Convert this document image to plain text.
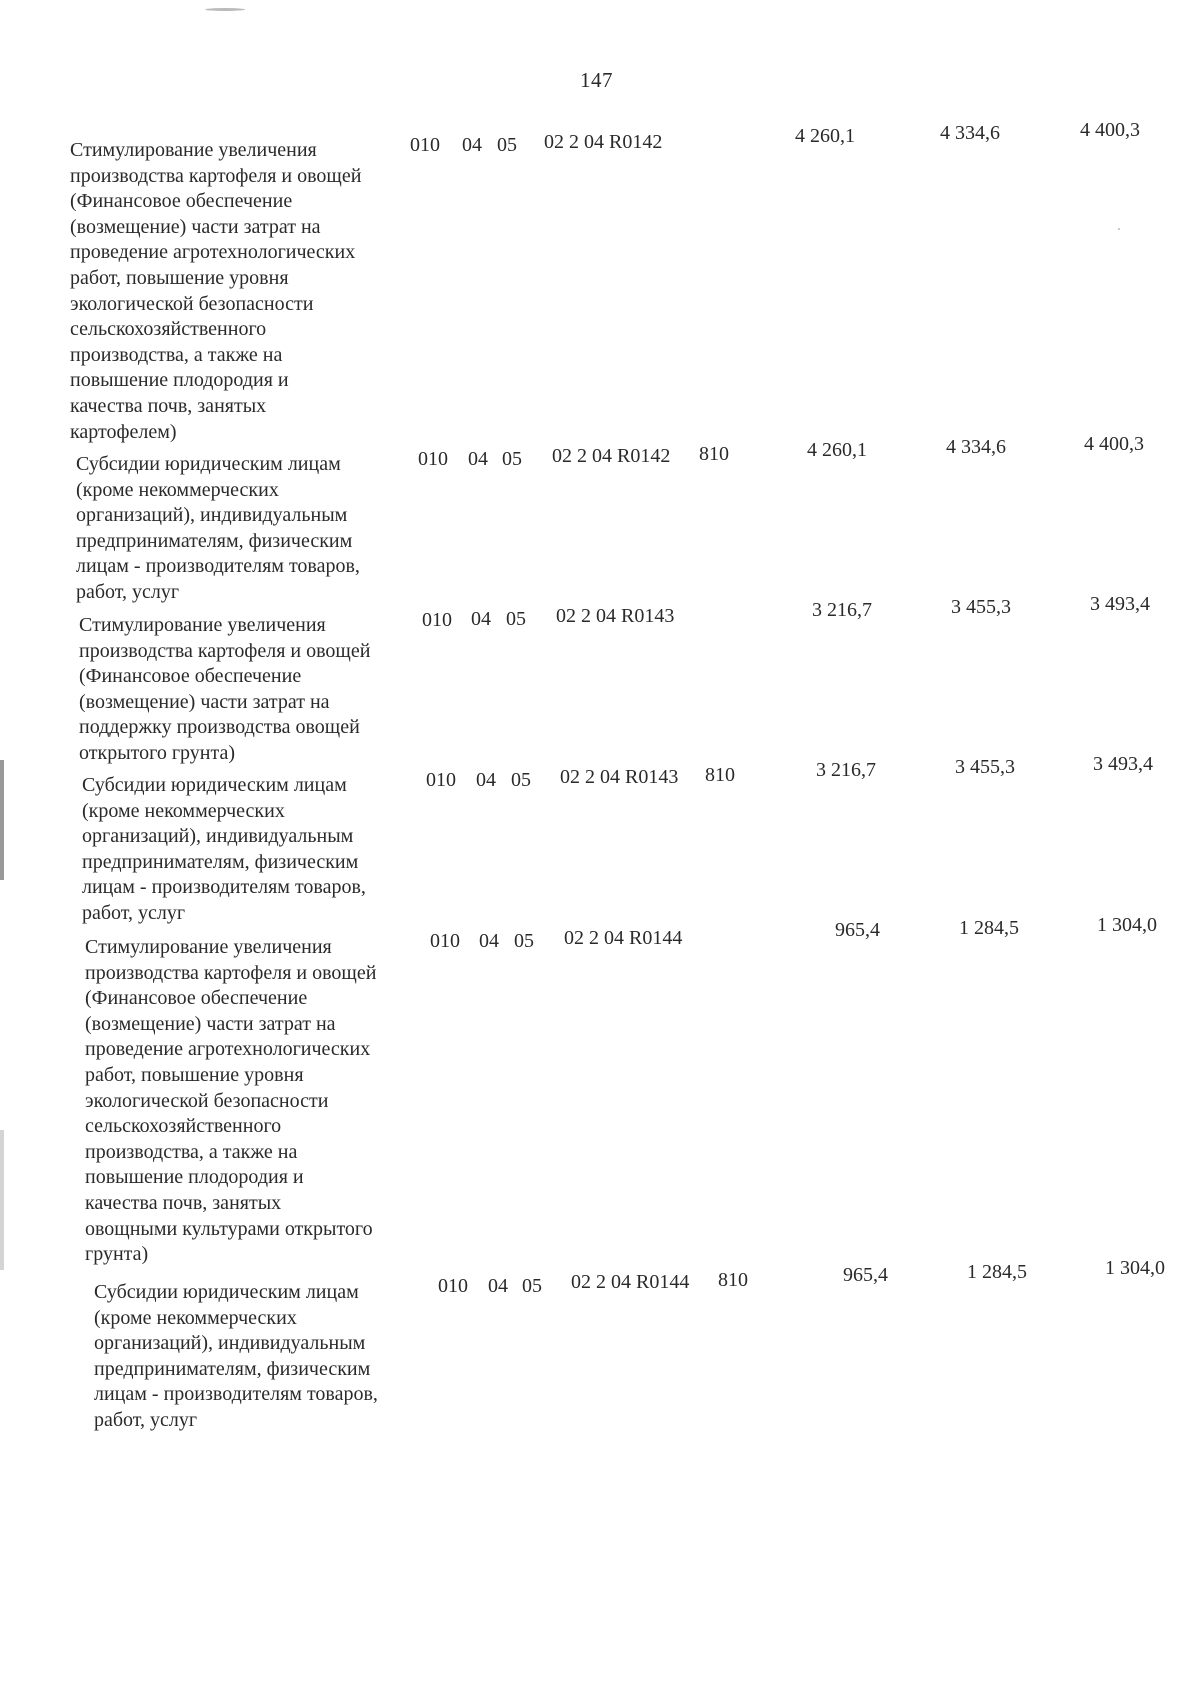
147
Стимулирование увеличения
производства картофеля и овощей
(Финансовое обеспечение
(возмещение) части затрат на
проведение агротехнологических
работ, повышение уровня
экологической безопасности
сельскохозяйственного
производства, а также на
повышение плодородия и
качества почв, занятых
картофелем)
010 04 05 02 2 04 R0142	4 260,1	4 334,6	4 400,3
Субсидии юридическим лицам
(кроме некоммерческих
организаций), индивидуальным
предпринимателям, физическим
лицам - производителям товаров,
работ, услуг
010 04 05 02 2 04 R0142 810	4 260,1	4 334,6	4 400,3
Стимулирование увеличения
производства картофеля и овощей
(Финансовое обеспечение
(возмещение) части затрат на
поддержку производства овощей
открытого грунта)
010 04 05 02 2 04 R0143	3 216,7	3 455,3	3 493,4
Субсидии юридическим лицам
(кроме некоммерческих
организаций), индивидуальным
предпринимателям, физическим
лицам - производителям товаров,
работ, услуг
010 04 05 02 2 04 R0143 810	3 216,7	3 455,3	3 493,4
Стимулирование увеличения
производства картофеля и овощей
(Финансовое обеспечение
(возмещение) части затрат на
проведение агротехнологических
работ, повышение уровня
экологической безопасности
сельскохозяйственного
производства, а также на
повышение плодородия и
качества почв, занятых
овощными культурами открытого
грунта)
010 04 05 02 2 04 R0144	965,4	1 284,5	1 304,0
Субсидии юридическим лицам
(кроме некоммерческих
организаций), индивидуальным
предпринимателям, физическим
лицам - производителям товаров,
работ, услуг
010 04 05 02 2 04 R0144 810	965,4	1 284,5	1 304,0
